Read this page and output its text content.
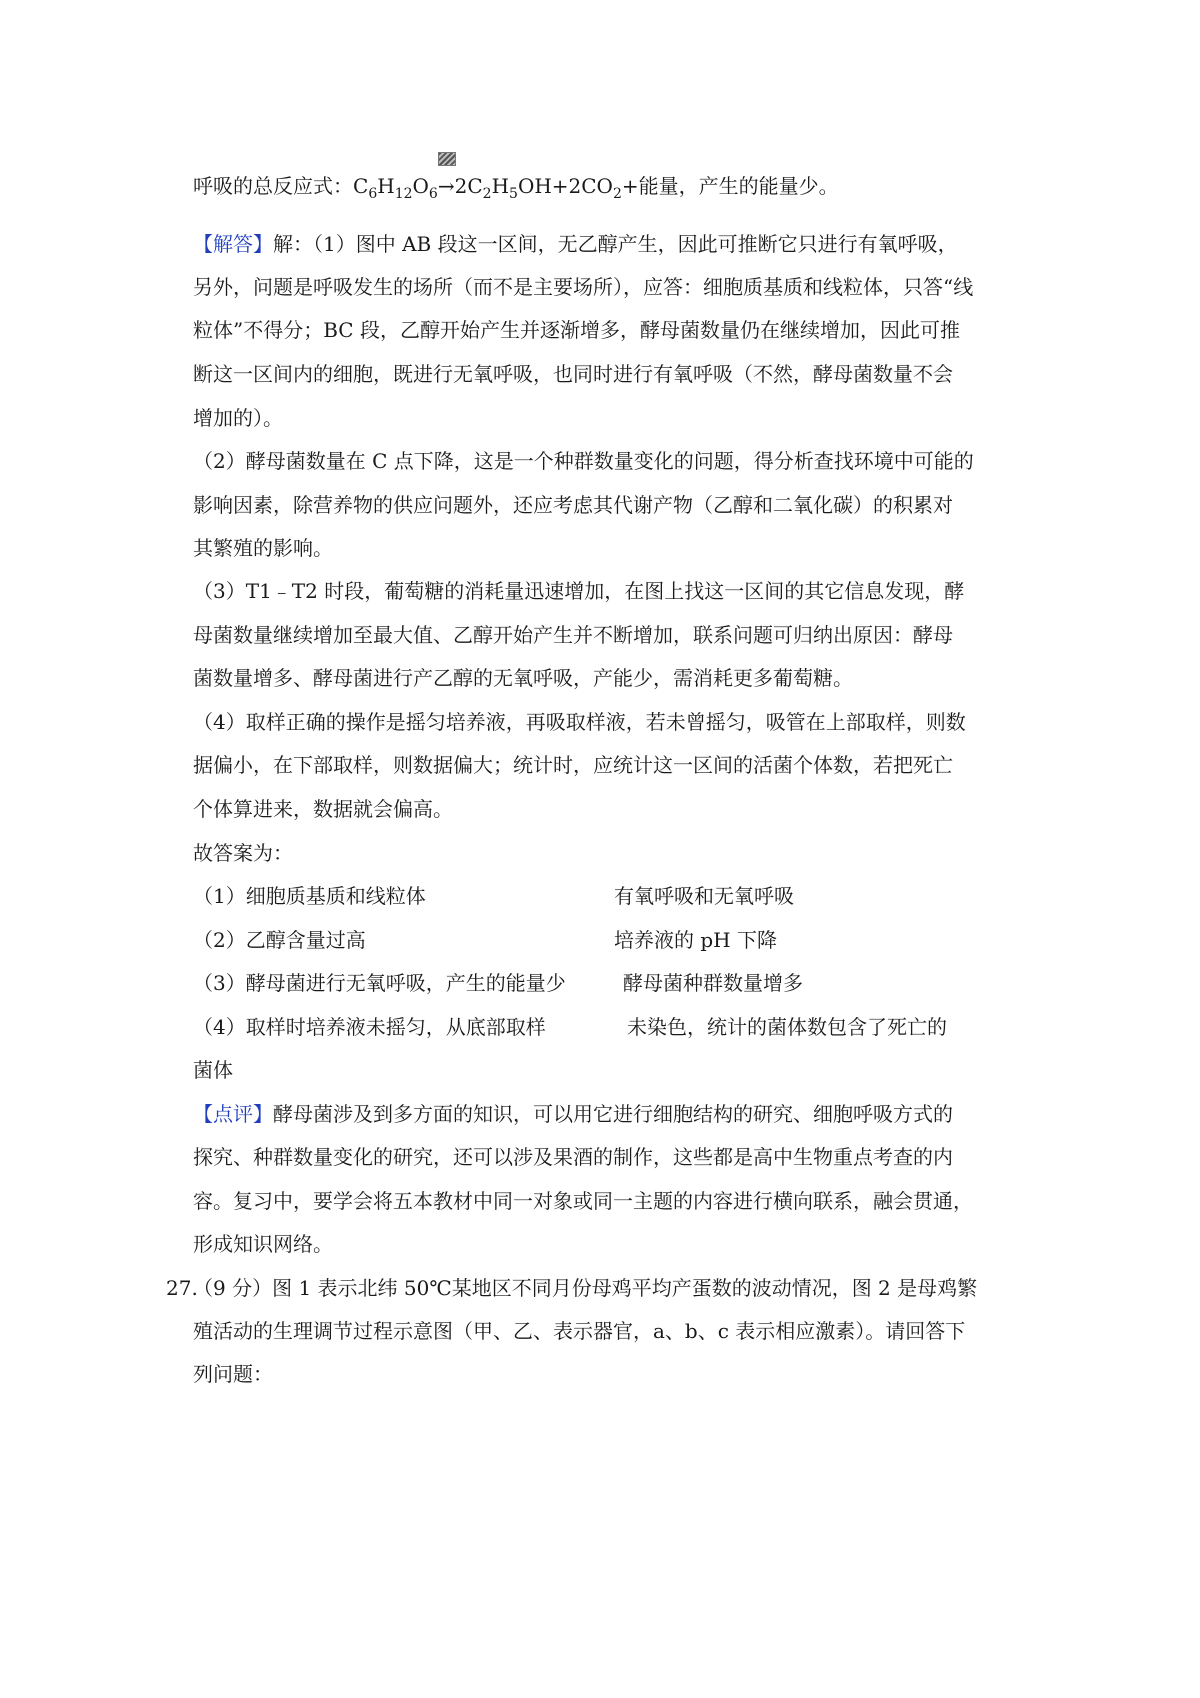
呼吸的总反应式：$C_6H_{12}O_6$
$\to 2C_2H_5OH+2CO_2+$能量，产生的能量少。
【解答】解：（1）图中 AB 段这一区间，无乙醇产生，因此可推断它只进行有氧呼吸，
另外，问题是呼吸发生的场所（而不是主要场所），应答：细胞质基质和线粒体，只答“线
粒体”不得分；BC 段，乙醇开始产生并逐渐增多，酵母菌数量仍在继续增加，因此可推
断这一区间内的细胞，既进行无氧呼吸，也同时进行有氧呼吸（不然，酵母菌数量不会
增加的）。
（2）酵母菌数量在 C 点下降，这是一个种群数量变化的问题，得分析查找环境中可能的
影响因素，除营养物的供应问题外，还应考虑其代谢产物（乙醇和二氧化碳）的积累对
其繁殖的影响。
（3）T1﹣T2 时段，葡萄糖的消耗量迅速增加，在图上找这一区间的其它信息发现，酵
母菌数量继续增加至最大值、乙醇开始产生并不断增加，联系问题可归纳出原因：酵母
菌数量增多、酵母菌进行产乙醇的无氧呼吸，产能少，需消耗更多葡萄糖。
（4）取样正确的操作是摇匀培养液，再吸取样液，若未曾摇匀，吸管在上部取样，则数
据偏小，在下部取样，则数据偏大；统计时，应统计这一区间的活菌个体数，若把死亡
个体算进来，数据就会偏高。
故答案为：
（1）细胞质基质和线粒体	有氧呼吸和无氧呼吸
（2）乙醇含量过高	培养液的 pH 下降
（3）酵母菌进行无氧呼吸，产生的能量少	酵母菌种群数量增多
（4）取样时培养液未摇匀，从底部取样	未染色，统计的菌体数包含了死亡的
菌体
【点评】酵母菌涉及到多方面的知识，可以用它进行细胞结构的研究、细胞呼吸方式的
探究、种群数量变化的研究，还可以涉及果酒的制作，这些都是高中生物重点考查的内
容。复习中，要学会将五本教材中同一对象或同一主题的内容进行横向联系，融会贯通，
形成知识网络。
27.
（9 分）图 1 表示北纬 50℃某地区不同月份母鸡平均产蛋数的波动情况，图 2 是母鸡繁
殖活动的生理调节过程示意图（甲、乙、表示器官，a、b、c 表示相应激素）。请回答下
列问题：
